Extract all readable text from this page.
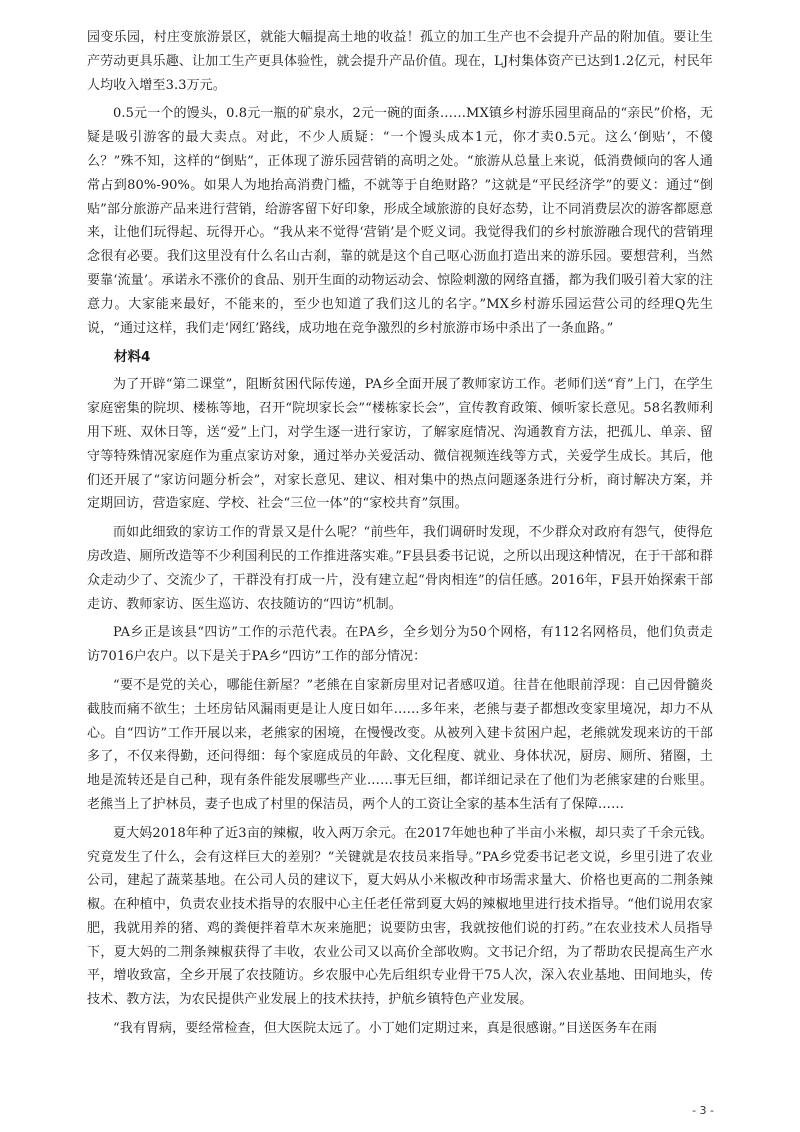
园变乐园，村庄变旅游景区，就能大幅提高土地的收益！孤立的加工生产也不会提升产品的附加值。要让生产劳动更具乐趣、让加工生产更具体验性，就会提升产品价值。现在，LJ村集体资产已达到1.2亿元，村民年人均收入增至3.3万元。

0.5元一个的馒头，0.8元一瓶的矿泉水，2元一碗的面条……MX镇乡村游乐园里商品的“亲民”价格，无疑是吸引游客的最大卖点。对此，不少人质疑：“一个馒头成本1元，你才卖0.5元。这么‘倒贴’，不傻么？”殊不知，这样的“倒贴”，正体现了游乐园营销的高明之处。“旅游从总量上来说，低消费倾向的客人通常占到80%-90%。如果人为地抬高消费门槛，不就等于自绝财路？”这就是“平民经济学”的要义：通过“倒贴”部分旅游产品来进行营销，给游客留下好印象，形成全域旅游的良好态势，让不同消费层次的游客都愿意来，让他们玩得起、玩得开心。“我从来不觉得‘营销’是个贬义词。我觉得我们的乡村旅游融合现代的营销理念很有必要。我们这里没有什么名山古刹，靠的就是这个自己呕心沥血打造出来的游乐园。要想营利，当然要靠‘流量’。承诺永不涨价的食品、别开生面的动物运动会、惊险刺激的网络直播，都为我们吸引着大家的注意力。大家能来最好，不能来的，至少也知道了我们这儿的名字。”MX乡村游乐园运营公司的经理Q先生说，“通过这样，我们走‘网红’路线，成功地在竞争激烈的乡村旅游市场中杀出了一条血路。”

材料4

为了开辟“第二课堂”，阻断贫困代际传递，PA乡全面开展了教师家访工作。老师们送“育”上门，在学生家庭密集的院坝、楼栋等地，召开“院坝家长会”“楼栋家长会”，宣传教育政策、倾听家长意见。58名教师利用下班、双休日等，送“爱”上门，对学生逐一进行家访，了解家庭情况、沟通教育方法，把孤儿、单亲、留守等特殊情况家庭作为重点家访对象，通过举办关爱活动、微信视频连线等方式，关爱学生成长。其后，他们还开展了“家访问题分析会”，对家长意见、建议、相对集中的热点问题逐条进行分析，商讨解决方案，并定期回访，营造家庭、学校、社会“三位一体”的“家校共育”氛围。

而如此细致的家访工作的背景又是什么呢？“前些年，我们调研时发现，不少群众对政府有怨气，使得危房改造、厕所改造等不少利国利民的工作推进落实难。”F县县委书记说，之所以出现这种情况，在于干部和群众走动少了、交流少了，干群没有打成一片，没有建立起“骨肉相连”的信任感。2016年，F县开始探索干部走访、教师家访、医生巡访、农技随访的“四访”机制。

PA乡正是该县“四访”工作的示范代表。在PA乡，全乡划分为50个网格，有112名网格员，他们负责走访7016户农户。以下是关于PA乡“四访”工作的部分情况：

“要不是党的关心，哪能住新屋？”老熊在自家新房里对记者感叹道。往昔在他眼前浮现：自己因骨髓炎截肢而痛不欲生；土坯房钻风漏雨更是让人度日如年……多年来，老熊与妻子都想改变家里境况，却力不从心。自“四访”工作开展以来，老熊家的困境，在慢慢改变。从被列入建卡贫困户起，老熊就发现来访的干部多了，不仅来得勤，还问得细：每个家庭成员的年龄、文化程度、就业、身体状况，厨房、厕所、猪圈，土地是流转还是自己种，现有条件能发展哪些产业……事无巨细，都详细记录在了他们为老熊家建的台账里。老熊当上了护林员，妻子也成了村里的保洁员，两个人的工资让全家的基本生活有了保障……

夏大妈2018年种了近3亩的辣椒，收入两万余元。在2017年她也种了半亩小米椒，却只卖了千余元钱。究竟发生了什么，会有这样巨大的差别？“关键就是农技员来指导。”PA乡党委书记老文说，乡里引进了农业公司，建起了蔬菜基地。在公司人员的建议下，夏大妈从小米椒改种市场需求量大、价格也更高的二荆条辣椒。在种植中，负责农业技术指导的农服中心主任老任常到夏大妈的辣椒地里进行技术指导。“他们说用农家肥，我就用养的猪、鸡的粪便拌着草木灰来施肥；说要防虫害，我就按他们说的打药。”在农业技术人员指导下，夏大妈的二荆条辣椒获得了丰收，农业公司又以高价全部收购。文书记介绍，为了帮助农民提高生产水平，增收致富，全乡开展了农技随访。乡农服中心先后组织专业骨干75人次，深入农业基地、田间地头，传技术、教方法，为农民提供产业发展上的技术扶持，护航乡镇特色产业发展。

“我有胃病，要经常检查，但大医院太远了。小丁她们定期过来，真是很感谢。”目送医务车在雨

- 3 -
